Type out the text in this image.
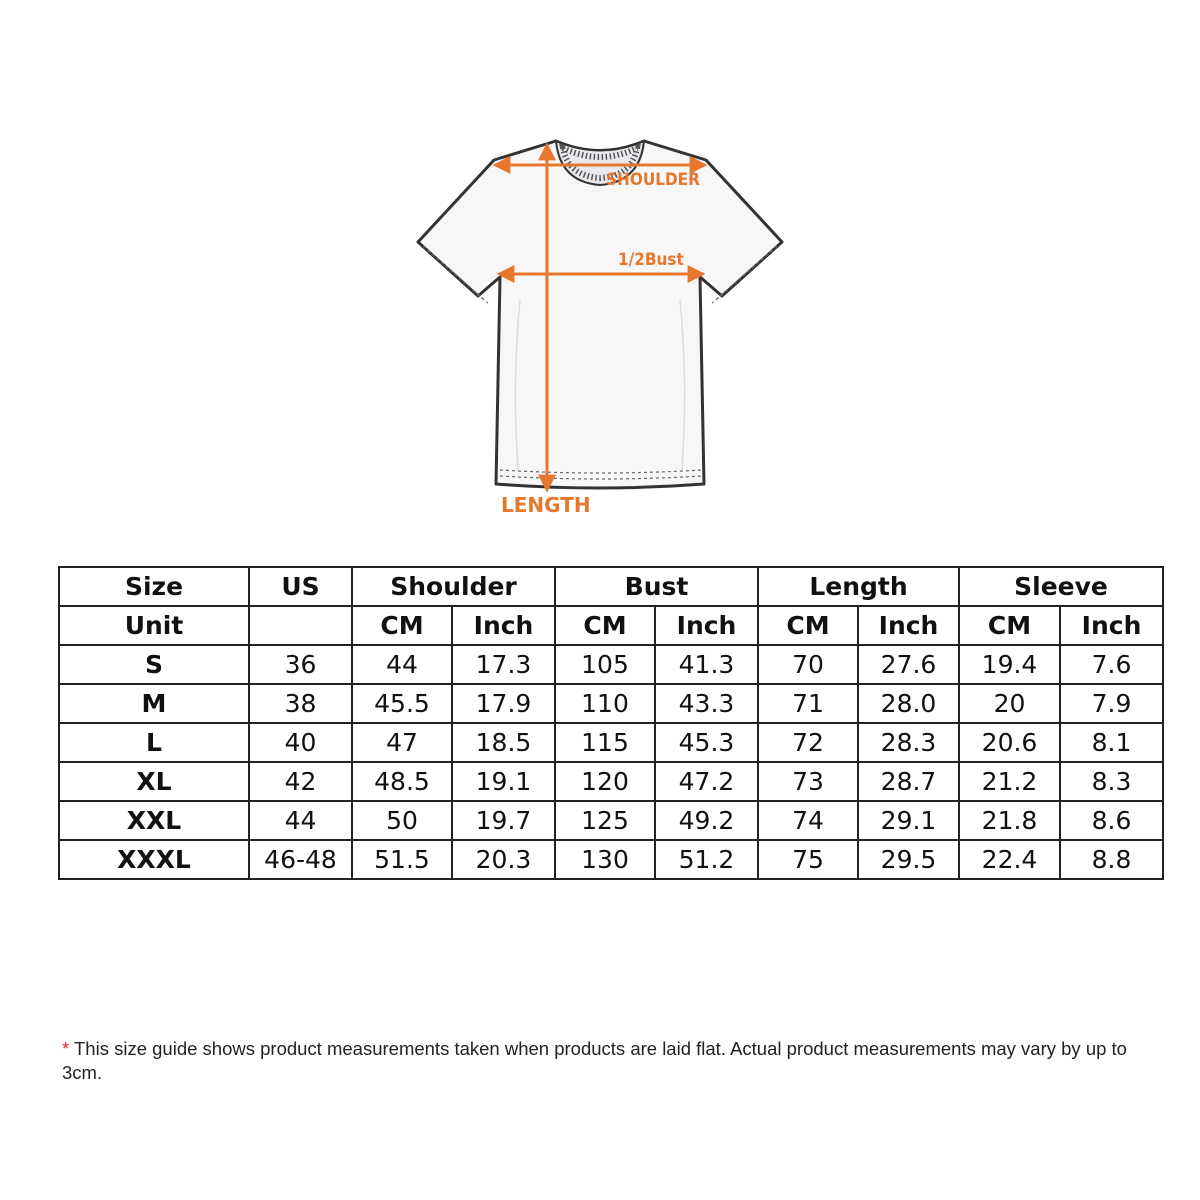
SHOULDER
1/2Bust
LENGTH
Size	US	Shoulder		Bust		Length		Sleeve	
Unit		CM	Inch	CM	Inch	CM	Inch	CM	Inch
S	36	44	17.3	105	41.3	70	27.6	19.4	7.6
M	38	45.5	17.9	110	43.3	71	28.0	20	7.9
L	40	47	18.5	115	45.3	72	28.3	20.6	8.1
XL	42	48.5	19.1	120	47.2	73	28.7	21.2	8.3
XXL	44	50	19.7	125	49.2	74	29.1	21.8	8.6
XXXL	46-48	51.5	20.3	130	51.2	75	29.5	22.4	8.8
* This size guide shows product measurements taken when products are laid flat. Actual product measurements may vary by up to 3cm.
